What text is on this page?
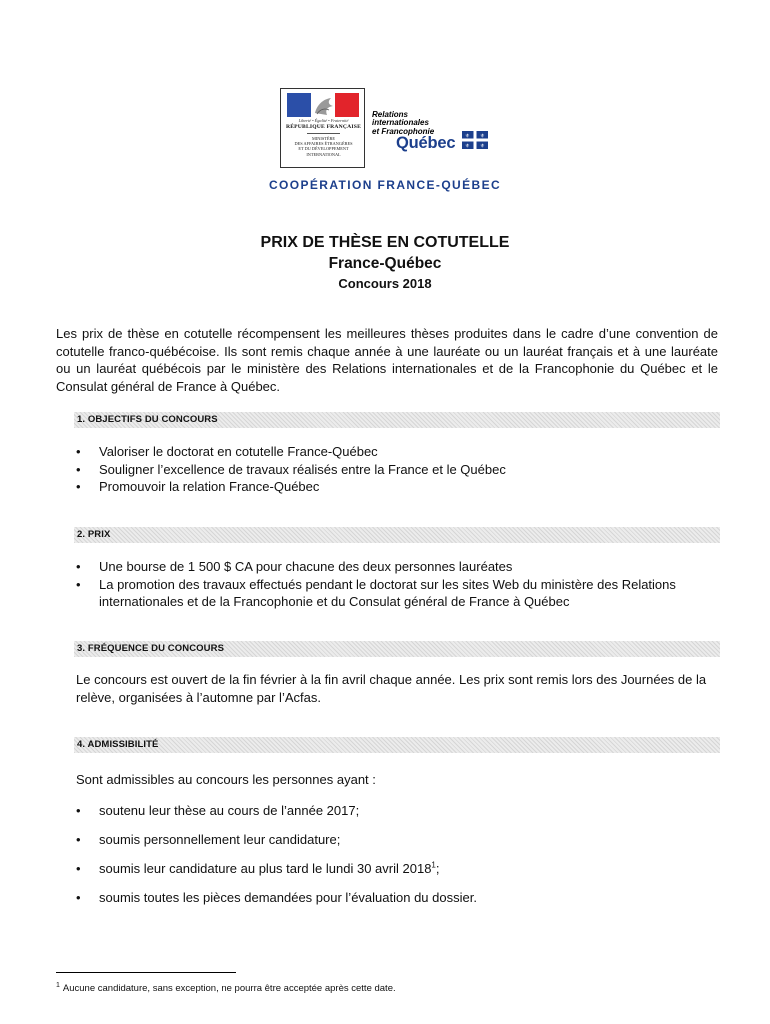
Liberté • Égalité • Fraternité
RÉPUBLIQUE FRANÇAISE
MINISTÈRE
DES AFFAIRES ÉTRANGÈRES
ET DU DÉVELOPPEMENT
INTERNATIONAL
Relations
internationales
et Francophonie
Québec ⚜ ⚜
⚜ ⚜
COOPÉRATION FRANCE-QUÉBEC
PRIX DE THÈSE EN COTUTELLE
France-Québec
Concours 2018

Les prix de thèse en cotutelle récompensent les meilleures thèses produites dans le cadre d’une convention de cotutelle franco-québécoise. Ils sont remis chaque année à une lauréate ou un lauréat français et à une lauréate ou un lauréat québécois par le ministère des Relations internationales et de la Francophonie du Québec et le Consulat général de France à Québec.

1. OBJECTIFS DU CONCOURS
• Valoriser le doctorat en cotutelle France-Québec
• Souligner l’excellence de travaux réalisés entre la France et le Québec
• Promouvoir la relation France-Québec
2. PRIX
• Une bourse de 1 500 $ CA pour chacune des deux personnes lauréates
• La promotion des travaux effectués pendant le doctorat sur les sites Web du ministère des Relations internationales et de la Francophonie et du Consulat général de France à Québec
3. FRÉQUENCE DU CONCOURS

Le concours est ouvert de la fin février à la fin avril chaque année. Les prix sont remis lors des Journées de la relève, organisées à l’automne par l’Acfas.

4. ADMISSIBILITÉ

Sont admissibles au concours les personnes ayant :

• soutenu leur thèse au cours de l’année 2017;
• soumis personnellement leur candidature;
• soumis leur candidature au plus tard le lundi 30 avril 2018$^1$;
• soumis toutes les pièces demandées pour l’évaluation du dossier.
$^1$ Aucune candidature, sans exception, ne pourra être acceptée après cette date.
